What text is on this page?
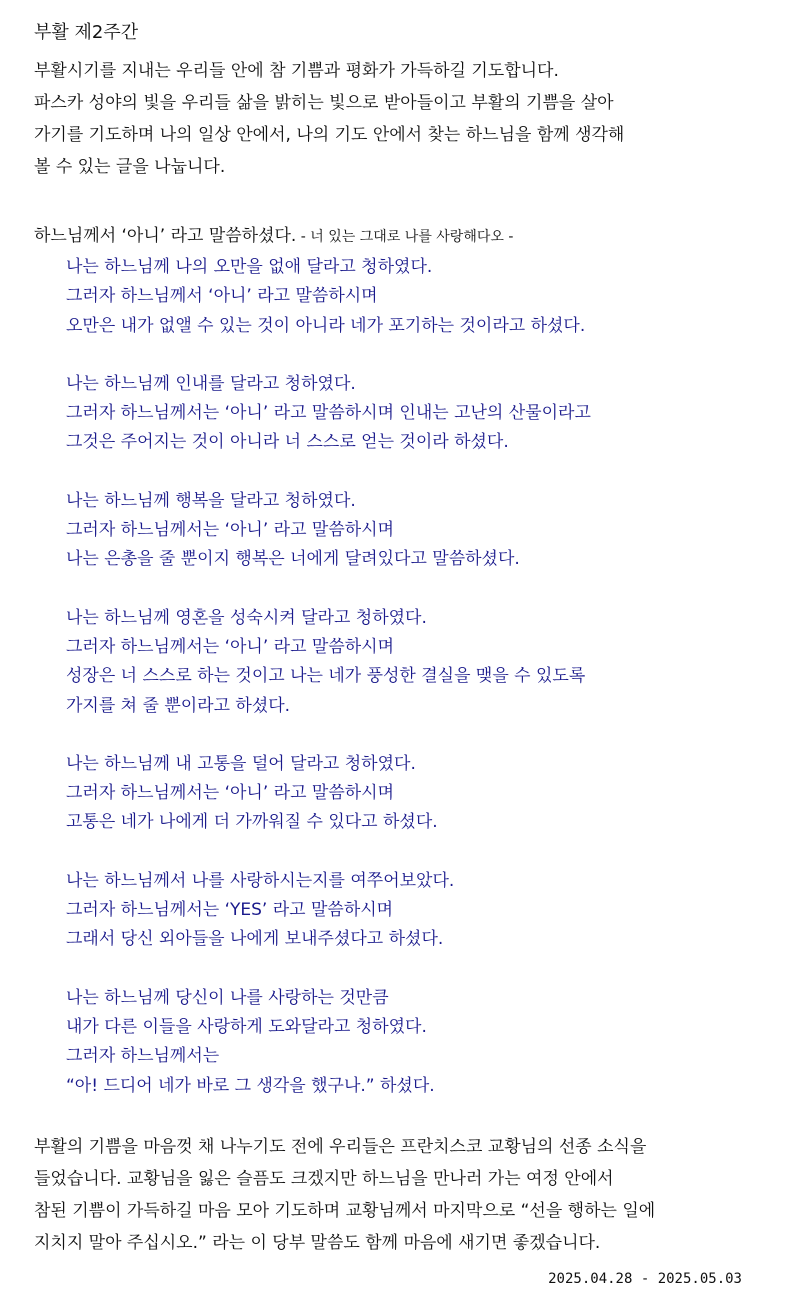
부활 제2주간
부활시기를 지내는 우리들 안에 참 기쁨과 평화가 가득하길 기도합니다.
파스카 성야의 빛을 우리들 삶을 밝히는 빛으로 받아들이고 부활의 기쁨을 살아
가기를 기도하며 나의 일상 안에서, 나의 기도 안에서 찾는 하느님을 함께 생각해
볼 수 있는 글을 나눕니다.

하느님께서 ‘아니’ 라고 말씀하셨다. - 너 있는 그대로 나를 사랑해다오 -

나는 하느님께 나의 오만을 없애 달라고 청하였다.
그러자 하느님께서 ‘아니’ 라고 말씀하시며
오만은 내가 없앨 수 있는 것이 아니라 네가 포기하는 것이라고 하셨다.
나는 하느님께 인내를 달라고 청하였다.
그러자 하느님께서는 ‘아니’ 라고 말씀하시며 인내는 고난의 산물이라고
그것은 주어지는 것이 아니라 너 스스로 얻는 것이라 하셨다.
나는 하느님께 행복을 달라고 청하였다.
그러자 하느님께서는 ‘아니’ 라고 말씀하시며
나는 은총을 줄 뿐이지 행복은 너에게 달려있다고 말씀하셨다.
나는 하느님께 영혼을 성숙시켜 달라고 청하였다.
그러자 하느님께서는 ‘아니’ 라고 말씀하시며
성장은 너 스스로 하는 것이고 나는 네가 풍성한 결실을 맺을 수 있도록
가지를 쳐 줄 뿐이라고 하셨다.
나는 하느님께 내 고통을 덜어 달라고 청하였다.
그러자 하느님께서는 ‘아니’ 라고 말씀하시며
고통은 네가 나에게 더 가까워질 수 있다고 하셨다.
나는 하느님께서 나를 사랑하시는지를 여쭈어보았다.
그러자 하느님께서는 ‘YES’ 라고 말씀하시며
그래서 당신 외아들을 나에게 보내주셨다고 하셨다.
나는 하느님께 당신이 나를 사랑하는 것만큼
내가 다른 이들을 사랑하게 도와달라고 청하였다.
그러자 하느님께서는
“아! 드디어 네가 바로 그 생각을 했구나.” 하셨다.
부활의 기쁨을 마음껏 채 나누기도 전에 우리들은 프란치스코 교황님의 선종 소식을
들었습니다. 교황님을 잃은 슬픔도 크겠지만 하느님을 만나러 가는 여정 안에서
참된 기쁨이 가득하길 마음 모아 기도하며 교황님께서 마지막으로 “선을 행하는 일에
지치지 말아 주십시오.” 라는 이 당부 말씀도 함께 마음에 새기면 좋겠습니다.
2025.04.28 - 2025.05.03
